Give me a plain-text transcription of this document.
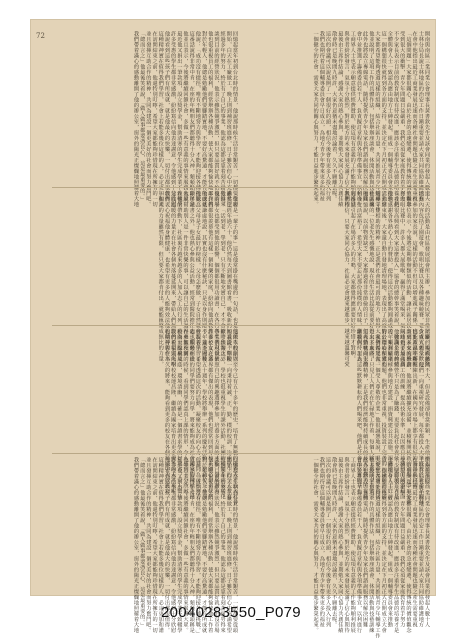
72	開南與南區三業同業公會理事長黃書欽先生及該會同業的發起人數十人
士林分局長說士林地區的治安工作日漸重要並請大家共同協助維護地方
在會中他指出最近工商業發展迅速而各種社會問題也隨之產生需要重視
「這個問題」大家都很關心，由於社會的急速變遷，使得傳統的價值觀念
受到很大的衝擊，青少年問題日益嚴重，我們必須從家庭教育着手努力
不少家長表示目前的教育制度有待改進，應該多注重學生品德的培養才是
全體與會人士一致認為應由地方士紳發起，組成一個輔導委員會來推動
這一個構想很快就得到各方面的支持，並決定在下月初正式召開成立大會
大家都希望能夠透過這樣的組織，結合社區力量，共同推展青少年輔導工作
他並說明了這項工作的具體作法，包括舉辦座談會、休閒活動與技藝訓練
此外也將設立專線電話，隨時提供青少年及家長們諮詢服務以解決困難
會中並推選了籌備委員若干人，負責擬訂章程與各項準備事宜，以利進行
工商界人士也表示願意提供經費贊助，使這項有意義的工作能夠順利推展
與會者紛紛發言，氣氛十分熱烈，對於地方的未來發展充滿了信心與期待
最後由主席作結論，感謝大家的熱心參與，並期勉大家同心協力共創佳績
散會時已是晚間九時許，大家仍意猶未盡地討論着，久久不願離去呢。
這次的會議可以說是開了一個很好的頭，相信今後會有更多人投入行列
我們也期待着這個輔導委員會早日成立，為地方青少年帶來更多的福祉
一個健全的社會，需要大家共同的關心與努力，才能日益進步繁榮起來。
回憶起當年初到台北時的情景，他說那時候生活非常艱苦，一切都要從頭
開始，白天在工廠做工，晚上則到補習班進修，日子雖苦但心中充滿希望
經過多年的努力，終於有了自己的事業，他認為這都是靠着刻苦耐勞得來
談到目前的經營狀況，他表示雖然競爭激烈，但只要品質好就不怕沒市場
他也很重視員工的福利，經常舉辦各種活動，使大家都能夠愉快地工作着
對於年輕人，他總是勉勵他們要腳踏實地，不要好高騖遠，才能有所成就
他說：「成功沒有捷徑，唯有不斷地努力與學習，才能夠迎接各種挑戰。」
這番話說得非常中肯，在座的年輕朋友們都聽得十分入神，頻頻點頭稱是
他並且表示，今後將繼續回饋社會，多做一些有意義的事情來服務大眾。
最近他又捐出一筆款項，設立獎學金，幫助清寒的學生完成學業不致輟學
許多受惠的學生都非常感激，紛紛寫信向他表達謝意，令他感到十分欣慰
他說看到這些孩子們有所成就，就是他最大的快樂，一切付出都很值得。
這種精神實在值得我們學習，社會上若能多幾位這樣的人，必定更加和諧
在訪問結束之前，他還特別叮嚀，希望大家都能夠珍惜現在所擁有的一切
並且發揮互助合作的精神，共同為建設一個更美好的社會而努力奮鬥吧。
「總而言之」他最後笑着說，「做人做事都要憑良心，這是最重要的。」
我們帶着滿心的感動離開了他的辦公室，窗外的陽光正燦爛地照耀着大地
這一天的活動是由社區發展協會所主辦，參加的民眾非常踴躍，場面熱鬧
活動內容包括了園遊會、歌唱比賽以及各種趣味競賽，老少咸宜頗受歡迎
一位參加的家長說，這樣的活動不但可以增進親子關係，也能敦親睦鄰呢
主辦單位表示，今後將定期舉辦類似的活動，讓社區居民有更多交流機會
在歌唱比賽中，許多人都大展歌喉，贏得了滿堂喝采，氣氛達到了最高潮
「我們很高興看到大家這麼投入」協會的總幹事笑着說，一臉滿足的神情
他也感謝各界熱心人士的贊助，使得這次活動能夠圓滿成功，順利結束。
活動結束後，大家還自動自發地清理場地，表現出了高度的公德心和愛心
這種守望相助的精神，正是我們社會最可貴的地方，值得大家發揚光大。
社區裏的一位老先生感慨地說，現在的生活比起從前要好得太多太多了
他回憶說，以前物資缺乏，大家都過着非常節儉的日子，但人情味卻很濃
如今生活富裕了，希望大家不要忘記那份純樸的人情味，繼續保持下去。
這番話引起了在場許多人的共鳴，大家都覺得應該要好好珍惜才對啊。
我們相信，只要大家同心協力，社區必定會越來越進步，越來越溫馨可愛
「學習是一輩子的事」這是他常掛在嘴邊的一句話，也是他做人的原則
雖然已經年過六十，他仍然每天到圖書館看書，吸收新的知識從不間斷
他說：「活到老，學到老，只有不斷地充實自己，才不會被時代淘汰。」
他的子女也都受到他的影響，個個都很用功讀書，在各行各業表現優異
鄰居們都很羨慕他有這樣一個和樂的家庭，紛紛向他請教教養子女之道
他總是謙虛地說，其實也沒有什麼秘訣，只是以身作則罷了，並不困難
他認為父母是子女最好的榜樣，父母怎麼做，子女自然就會跟着學習了
除了讀書之外，他也熱心參與公益活動，經常到醫院擔任志工服務病患
他說幫助別人是一件非常快樂的事，可以讓自己的生活過得更加充實。
在他的帶動下，社區裏有越來越多的人加入志工的行列，蔚為一股風氣
這股溫暖的力量正在社會各個角落蔓延開來，帶給人們無限的希望與光明
我們衷心祝福他身體健康，也希望有更多的人能夠效法他的精神與作為。
一個人的力量雖然有限，但只要大家都肯付出，就能匯聚成無比的力量。
工廠的規模雖然不大，但是設備卻相當新穎，生產效率也非常的高
負責人表示，他們一向重視研究發展，每年都投入大筆經費於新產品開發
因此產品不斷推陳出新，在國內外市場上都享有很好的聲譽與口碑。
談到未來的計劃，他說將繼續擴充設備，並積極開拓新的市場，爭取外銷
同時也要加強員工的訓練，提高技術水準，以因應日益激烈的競爭局面
他強調企業的經營不只是為了賺錢，更要負起社會責任，回饋地方才是
近年來該廠積極參與地方建設，捐資興建公共設施，深獲地方人士好評
對於環境保護問題，他們也非常重視，投資裝設了完善的污染防治設備
「我們希望做一個受人尊敬的企業」他很誠懇地說，眼神中充滿了自信
走出工廠時，只見工人們正在忙碌地工作着，每個人臉上都洋溢着笑容
這種勤奮向上的精神，正是我們經濟能夠持續成長的最大原動力所在啊
讓我們一起為這些默默耕耘的人們喝采吧，他們是社會最堅實的基石。
這所學校創立至今已有五十多年的歷史，培育了無數的優秀人才投入社會
校長說，學校一向秉持着誠、正、勤、樸的校訓，注重學生的全人教育
除了課業之外，學校也很重視學生的課外活動，社團的種類非常多樣化
學生們可以依照自己的興趣選擇參加，培養多方面的才能，發展潛力
許多校友在各界都有傑出的表現，他們也經常回到母校來關心學弟妹們
今年適逢建校五十週年，學校將舉辦一系列的慶祝活動，邀請校友參加
校長表示，希望透過這次的活動，凝聚校友的向心力，共同為母校努力
他也期勉在校的同學們要努力向學，將來能夠成為社會國家的棟樑之材
在參觀校園的時候，看到同學們認真上課的情形，令人感到十分欣慰。
校園裏綠樹成蔭，環境清幽，的確是一個讀書求學的好地方，令人嚮往
我們祝福這所學校校運昌隆，繼續為國家培育出更多優秀的人才來呢。
也期待着在不久的將來，能夠看到更多的校友在各個領域中大放異彩。
開南與南區三業同業公會理事長黃書欽先生及該會同業的發起人數十人
士林分局長說士林地區的治安工作日漸重要並請大家共同協助維護地方
在會中他指出最近工商業發展迅速而各種社會問題也隨之產生需要重視
「這個問題」大家都很關心，由於社會的急速變遷，使得傳統的價值觀念
受到很大的衝擊，青少年問題日益嚴重，我們必須從家庭教育着手努力
不少家長表示目前的教育制度有待改進，應該多注重學生品德的培養才是
全體與會人士一致認為應由地方士紳發起，組成一個輔導委員會來推動
這一個構想很快就得到各方面的支持，並決定在下月初正式召開成立大會
大家都希望能夠透過這樣的組織，結合社區力量，共同推展青少年輔導工作
他並說明了這項工作的具體作法，包括舉辦座談會、休閒活動與技藝訓練
此外也將設立專線電話，隨時提供青少年及家長們諮詢服務以解決困難
會中並推選了籌備委員若干人，負責擬訂章程與各項準備事宜，以利進行
工商界人士也表示願意提供經費贊助，使這項有意義的工作能夠順利推展
與會者紛紛發言，氣氛十分熱烈，對於地方的未來發展充滿了信心與期待
最後由主席作結論，感謝大家的熱心參與，並期勉大家同心協力共創佳績
散會時已是晚間九時許，大家仍意猶未盡地討論着，久久不願離去呢。
這次的會議可以說是開了一個很好的頭，相信今後會有更多人投入行列
我們也期待着這個輔導委員會早日成立，為地方青少年帶來更多的福祉
一個健全的社會，需要大家共同的關心與努力，才能日益進步繁榮起來。
回憶起當年初到台北時的情景，他說那時候生活非常艱苦，一切都要從頭
開始，白天在工廠做工，晚上則到補習班進修，日子雖苦但心中充滿希望
經過多年的努力，終於有了自己的事業，他認為這都是靠着刻苦耐勞得來
談到目前的經營狀況，他表示雖然競爭激烈，但只要品質好就不怕沒市場
他也很重視員工的福利，經常舉辦各種活動，使大家都能夠愉快地工作着
對於年輕人，他總是勉勵他們要腳踏實地，不要好高騖遠，才能有所成就
他說：「成功沒有捷徑，唯有不斷地努力與學習，才能夠迎接各種挑戰。」
這番話說得非常中肯，在座的年輕朋友們都聽得十分入神，頻頻點頭稱是
他並且表示，今後將繼續回饋社會，多做一些有意義的事情來服務大眾。
最近他又捐出一筆款項，設立獎學金，幫助清寒的學生完成學業不致輟學
許多受惠的學生都非常感激，紛紛寫信向他表達謝意，令他感到十分欣慰
他說看到這些孩子們有所成就，就是他最大的快樂，一切付出都很值得。
這種精神實在值得我們學習，社會上若能多幾位這樣的人，必定更加和諧
在訪問結束之前，他還特別叮嚀，希望大家都能夠珍惜現在所擁有的一切
並且發揮互助合作的精神，共同為建設一個更美好的社會而努力奮鬥吧。
「總而言之」他最後笑着說，「做人做事都要憑良心，這是最重要的。」
我們帶着滿心的感動離開了他的辦公室，窗外的陽光正燦爛地照耀着大地	20040283550_P079
